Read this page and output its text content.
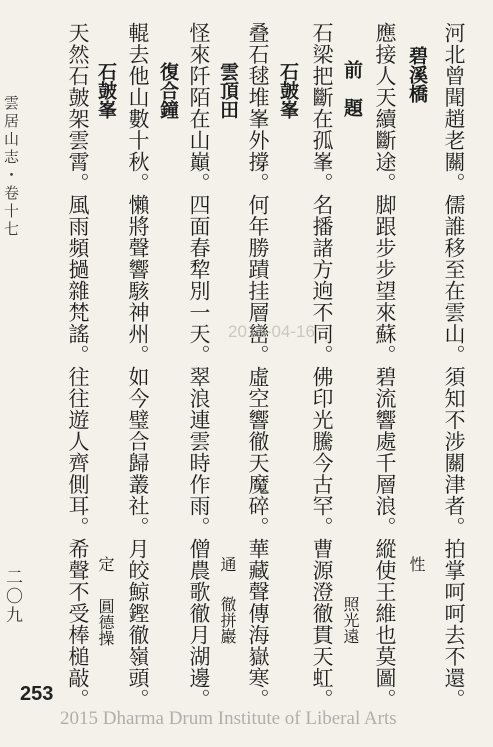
雲居山志・卷十七
二〇九	河北曾聞趙老關。儒誰移至在雲山。須知不涉關津者。拍掌呵呵去不還。
碧溪橋
應接人天續斷途。脚跟步步望來蘇。碧流響處千層浪。縱使王維也莫圖。
前　題
石梁把斷在孤峯。名播諸方逈不同。佛印光騰今古罕。曹源澄徹貫天虹。
石皷峯
叠石毬堆峯外撐。何年勝蹟挂層巒。虛空響徹天魔碎。華藏聲傳海嶽寒。
雲頂田
怪來阡陌在山巔。四面春犂別一天。翠浪連雲時作雨。僧農歌徹月湖邊。
復合鐘
輥去他山數十秋。懶將聲響駭神州。如今璧合歸叢社。月皎鯨鏗徹嶺頭。
石皷峯
天然石皷架雲霄。風雨頻撾雜梵謠。往往遊人齊側耳。希聲不受棒槌敲。	性
照光遠
通
徹拼巖
定
圓德操
2012-04-16
253
2015 Dharma Drum Institute of Liberal Arts
